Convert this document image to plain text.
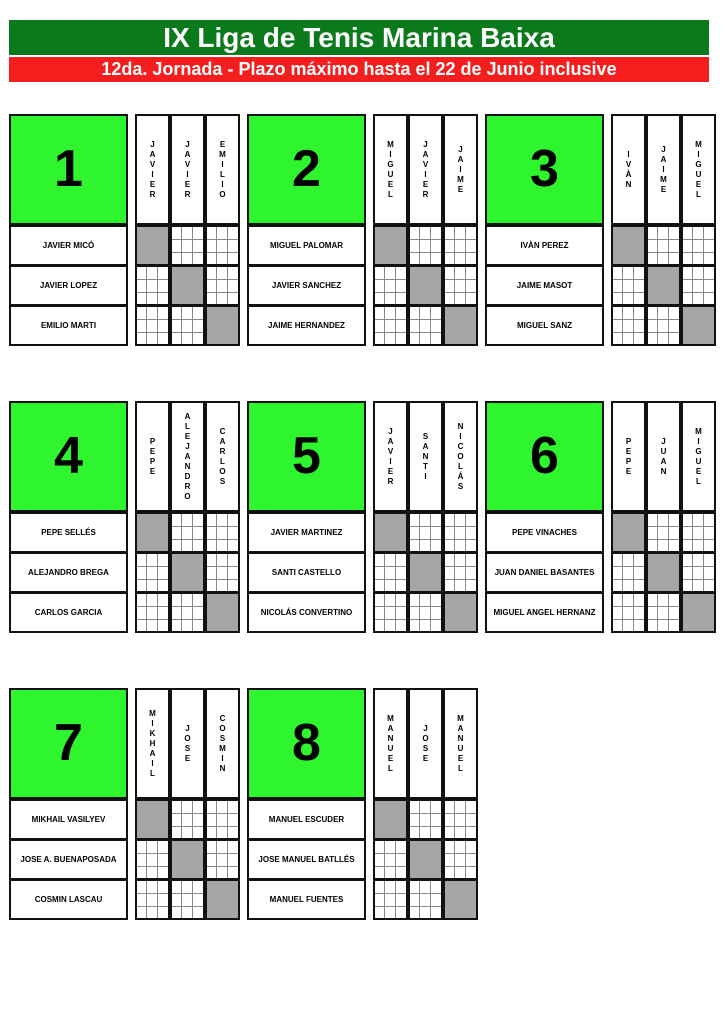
IX Liga de Tenis Marina Baixa
12da. Jornada - Plazo máximo hasta el 22 de Junio inclusive
1	JAVIER	JAVIER	EMILIO
JAVIER MICÓ
JAVIER LOPEZ
EMILIO MARTI
2	MIGUEL	JAVIER	JAIME
MIGUEL PALOMAR
JAVIER SANCHEZ
JAIME HERNANDEZ
3	IVÀN	JAIME	MIGUEL
IVÀN PEREZ
JAIME MASOT
MIGUEL SANZ
4	PEPE	ALEJANDRO	CARLOS
PEPE SELLÉS
ALEJANDRO BREGA
CARLOS GARCIA
5	JAVIER	SANTI	NICOLÁS
JAVIER MARTINEZ
SANTI CASTELLO
NICOLÁS CONVERTINO
6	PEPE	JUAN	MIGUEL
PEPE VINACHES
JUAN DANIEL BASANTES
MIGUEL ANGEL HERNANZ
7	MIKHAIL	JOSE	COSMIN
MIKHAIL VASILYEV
JOSE A. BUENAPOSADA
COSMIN LASCAU
8	MANUEL	JOSE	MANUEL
MANUEL ESCUDER
JOSE MANUEL BATLLÉS
MANUEL FUENTES
